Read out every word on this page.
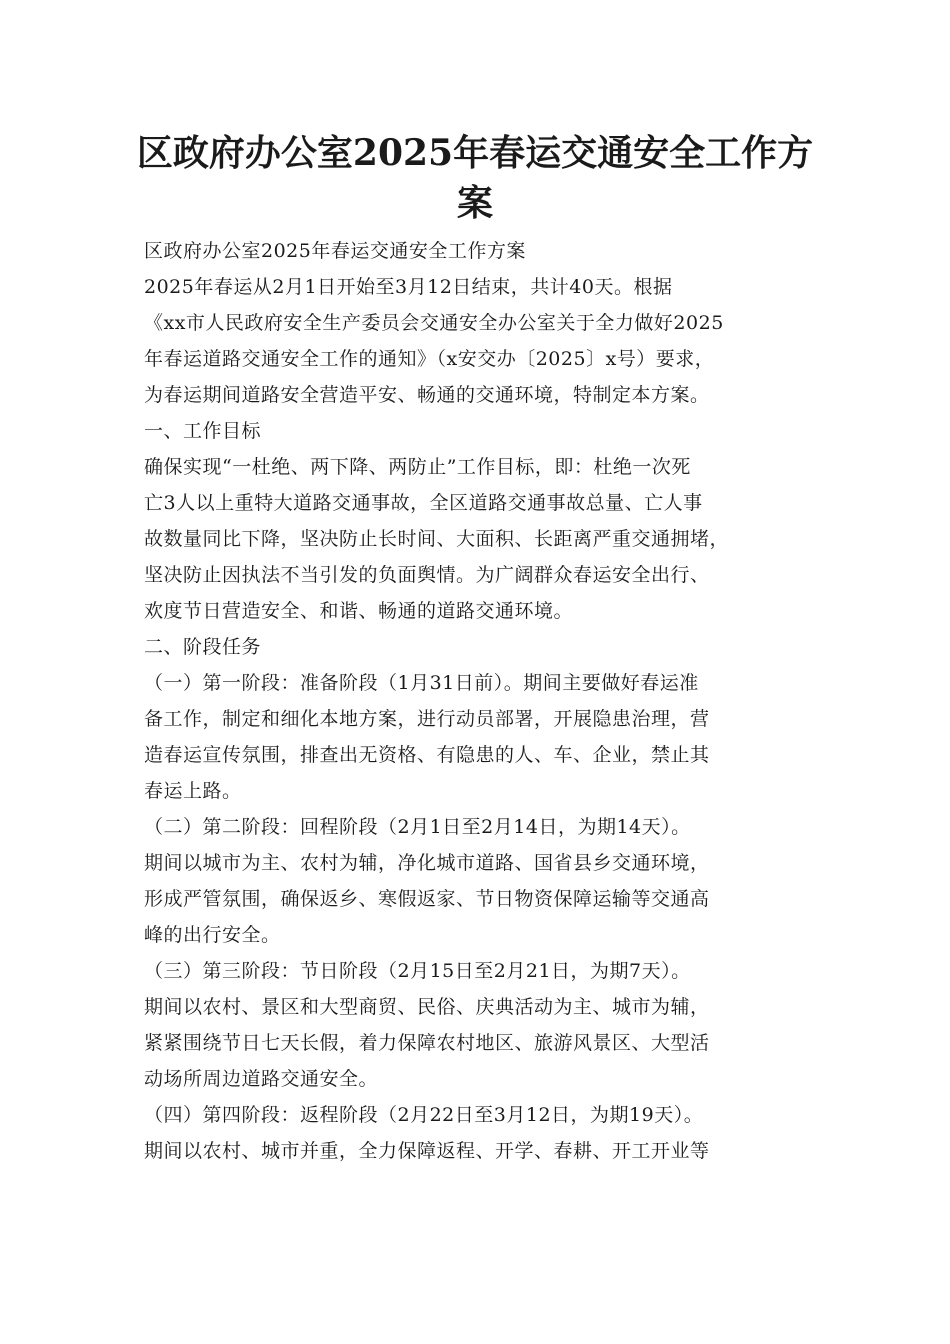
区政府办公室2025年春运交通安全工作方
案
区政府办公室2025年春运交通安全工作方案
2025年春运从2月1日开始至3月12日结束，共计40天。根据
《xx市人民政府安全生产委员会交通安全办公室关于全力做好2025
年春运道路交通安全工作的通知》（x安交办〔2025〕x号）要求，
为春运期间道路安全营造平安、畅通的交通环境，特制定本方案。
一、工作目标
确保实现“一杜绝、两下降、两防止”工作目标，即：杜绝一次死
亡3人以上重特大道路交通事故，全区道路交通事故总量、亡人事
故数量同比下降，坚决防止长时间、大面积、长距离严重交通拥堵，
坚决防止因执法不当引发的负面舆情。为广阔群众春运安全出行、
欢度节日营造安全、和谐、畅通的道路交通环境。
二、阶段任务
（一）第一阶段：准备阶段（1月31日前）。期间主要做好春运准
备工作，制定和细化本地方案，进行动员部署，开展隐患治理，营
造春运宣传氛围，排查出无资格、有隐患的人、车、企业，禁止其
春运上路。
（二）第二阶段：回程阶段（2月1日至2月14日，为期14天）。
期间以城市为主、农村为辅，净化城市道路、国省县乡交通环境，
形成严管氛围，确保返乡、寒假返家、节日物资保障运输等交通高
峰的出行安全。
（三）第三阶段：节日阶段（2月15日至2月21日，为期7天）。
期间以农村、景区和大型商贸、民俗、庆典活动为主、城市为辅，
紧紧围绕节日七天长假，着力保障农村地区、旅游风景区、大型活
动场所周边道路交通安全。
（四）第四阶段：返程阶段（2月22日至3月12日，为期19天）。
期间以农村、城市并重，全力保障返程、开学、春耕、开工开业等
